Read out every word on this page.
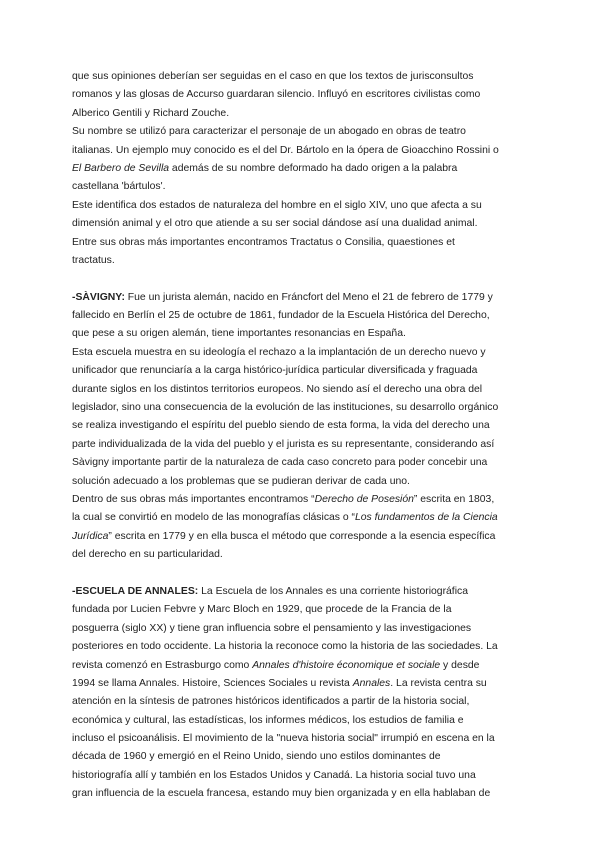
que sus opiniones deberían ser seguidas en el caso en que los textos de jurisconsultos
romanos y las glosas de Accurso guardaran silencio. Influyó en escritores civilistas como
Alberico Gentili y Richard Zouche.
Su nombre se utilizó para caracterizar el personaje de un abogado en obras de teatro
italianas. Un ejemplo muy conocido es el del Dr. Bártolo en la ópera de Gioacchino Rossini o
El Barbero de Sevilla además de su nombre deformado ha dado origen a la palabra
castellana 'bártulos'.
Este identifica dos estados de naturaleza del hombre en el siglo XIV, uno que afecta a su
dimensión animal y el otro que atiende a su ser social dándose así una dualidad animal.
Entre sus obras más importantes encontramos Tractatus o Consilia, quaestiones et
tractatus.
-SÀVIGNY: Fue un jurista alemán, nacido en Fráncfort del Meno el 21 de febrero de 1779 y
fallecido en Berlín el 25 de octubre de 1861, fundador de la Escuela Histórica del Derecho,
que pese a su origen alemán, tiene importantes resonancias en España.
Esta escuela muestra en su ideología el rechazo a la implantación de un derecho nuevo y
unificador que renunciaría a la carga histórico-jurídica particular diversificada y fraguada
durante siglos en los distintos territorios europeos. No siendo así el derecho una obra del
legislador, sino una consecuencia de la evolución de las instituciones, su desarrollo orgánico
se realiza investigando el espíritu del pueblo siendo de esta forma, la vida del derecho una
parte individualizada de la vida del pueblo y el jurista es su representante, considerando así
Sàvigny importante partir de la naturaleza de cada caso concreto para poder concebir una
solución adecuado a los problemas que se pudieran derivar de cada uno.
Dentro de sus obras más importantes encontramos “Derecho de Posesión” escrita en 1803,
la cual se convirtió en modelo de las monografías clásicas o “Los fundamentos de la Ciencia
Jurídica” escrita en 1779 y en ella busca el método que corresponde a la esencia específica
del derecho en su particularidad.
-ESCUELA DE ANNALES: La Escuela de los Annales es una corriente historiográfica
fundada por Lucien Febvre y Marc Bloch en 1929, que procede de la Francia de la
posguerra (siglo XX) y tiene gran influencia sobre el pensamiento y las investigaciones
posteriores en todo occidente. La historia la reconoce como la historia de las sociedades. La
revista comenzó en Estrasburgo como Annales d'histoire économique et sociale y desde
1994 se llama Annales. Histoire, Sciences Sociales u revista Annales. La revista centra su
atención en la síntesis de patrones históricos identificados a partir de la historia social,
económica y cultural, las estadísticas, los informes médicos, los estudios de familia e
incluso el psicoanálisis. El movimiento de la "nueva historia social" irrumpió en escena en la
década de 1960 y emergió en el Reino Unido, siendo uno estilos dominantes de
historiografía allí y también en los Estados Unidos y Canadá. La historia social tuvo una
gran influencia de la escuela francesa, estando muy bien organizada y en ella hablaban de
